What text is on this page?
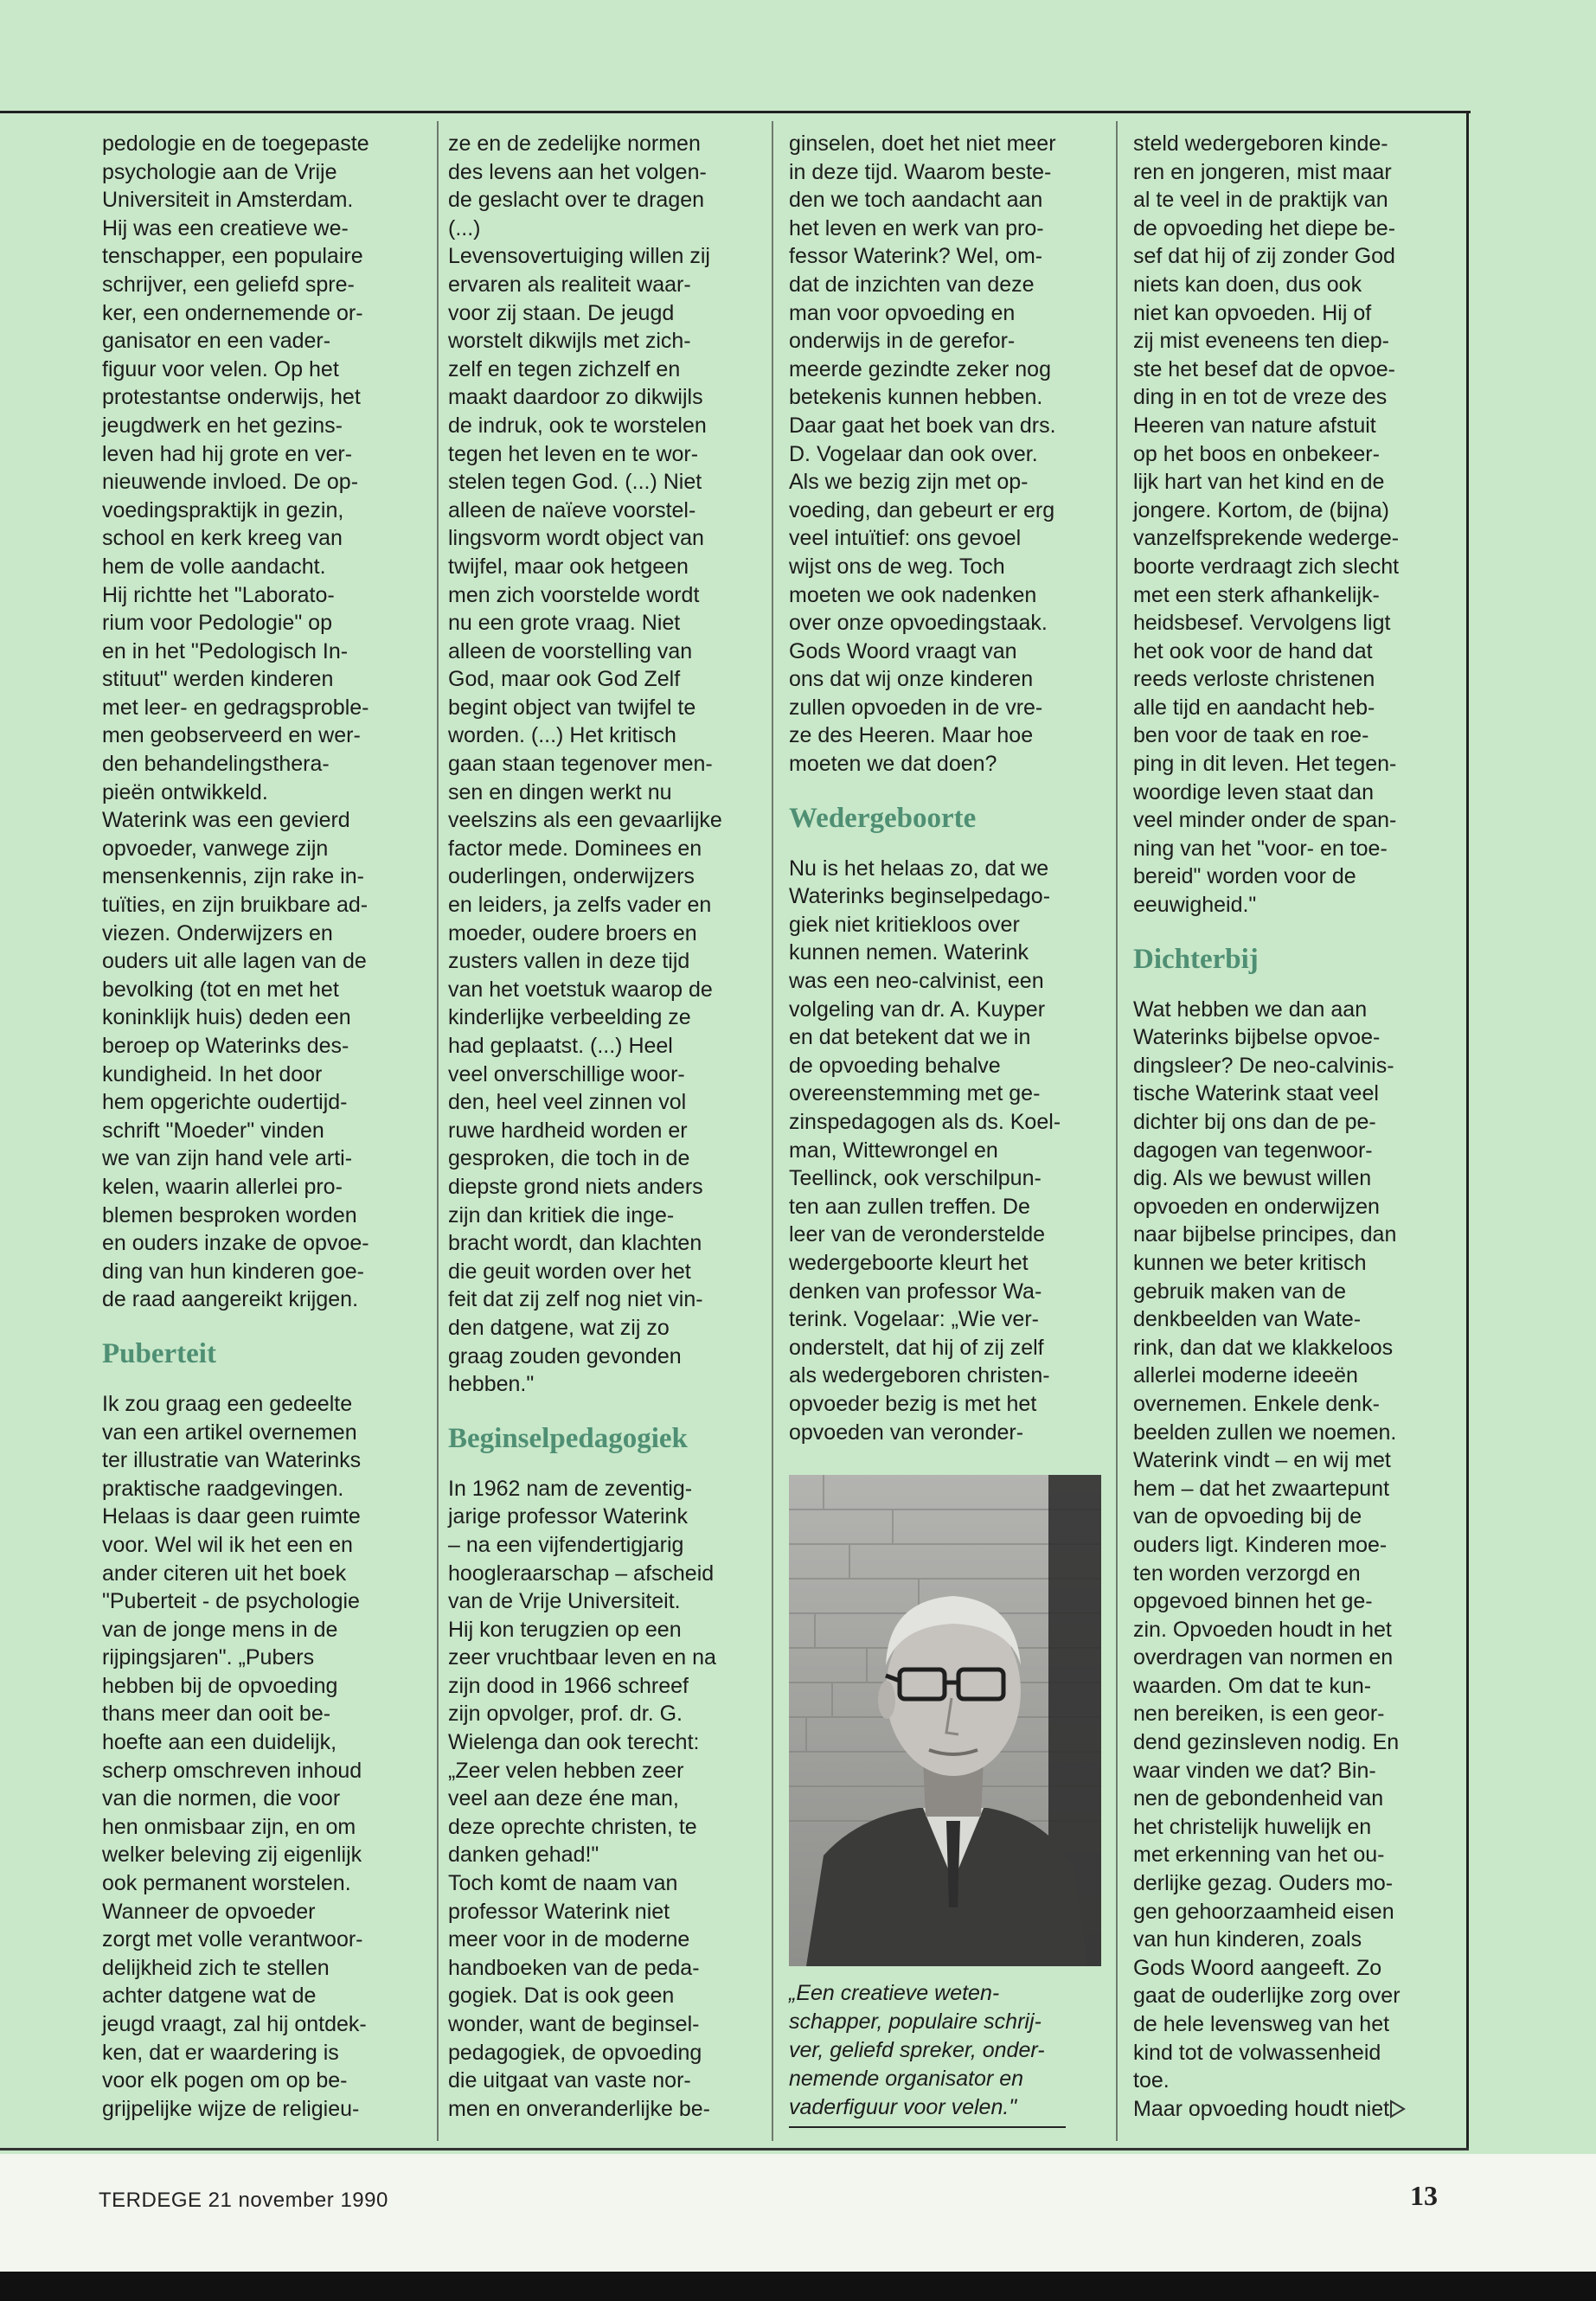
pedologie en de toegepaste
psychologie aan de Vrije
Universiteit in Amsterdam.
Hij was een creatieve we-
tenschapper, een populaire
schrijver, een geliefd spre-
ker, een ondernemende or-
ganisator en een vader-
figuur voor velen. Op het
protestantse onderwijs, het
jeugdwerk en het gezins-
leven had hij grote en ver-
nieuwende invloed. De op-
voedingspraktijk in gezin,
school en kerk kreeg van
hem de volle aandacht.
Hij richtte het "Laborato-
rium voor Pedologie" op
en in het "Pedologisch In-
stituut" werden kinderen
met leer- en gedragsproble-
men geobserveerd en wer-
den behandelingsthera-
pieën ontwikkeld.
Waterink was een gevierd
opvoeder, vanwege zijn
mensenkennis, zijn rake in-
tuïties, en zijn bruikbare ad-
viezen. Onderwijzers en
ouders uit alle lagen van de
bevolking (tot en met het
koninklijk huis) deden een
beroep op Waterinks des-
kundigheid. In het door
hem opgerichte oudertijd-
schrift "Moeder" vinden
we van zijn hand vele arti-
kelen, waarin allerlei pro-
blemen besproken worden
en ouders inzake de opvoe-
ding van hun kinderen goe-
de raad aangereikt krijgen.

Puberteit

Ik zou graag een gedeelte
van een artikel overnemen
ter illustratie van Waterinks
praktische raadgevingen.
Helaas is daar geen ruimte
voor. Wel wil ik het een en
ander citeren uit het boek
"Puberteit - de psychologie
van de jonge mens in de
rijpingsjaren". „Pubers
hebben bij de opvoeding
thans meer dan ooit be-
hoefte aan een duidelijk,
scherp omschreven inhoud
van die normen, die voor
hen onmisbaar zijn, en om
welker beleving zij eigenlijk
ook permanent worstelen.
Wanneer de opvoeder
zorgt met volle verantwoor-
delijkheid zich te stellen
achter datgene wat de
jeugd vraagt, zal hij ontdek-
ken, dat er waardering is
voor elk pogen om op be-
grijpelijke wijze de religieu-

ze en de zedelijke normen
des levens aan het volgen-
de geslacht over te dragen
(...)
Levensovertuiging willen zij
ervaren als realiteit waar-
voor zij staan. De jeugd
worstelt dikwijls met zich-
zelf en tegen zichzelf en
maakt daardoor zo dikwijls
de indruk, ook te worstelen
tegen het leven en te wor-
stelen tegen God. (...) Niet
alleen de naïeve voorstel-
lingsvorm wordt object van
twijfel, maar ook hetgeen
men zich voorstelde wordt
nu een grote vraag. Niet
alleen de voorstelling van
God, maar ook God Zelf
begint object van twijfel te
worden. (...) Het kritisch
gaan staan tegenover men-
sen en dingen werkt nu
veelszins als een gevaarlijke
factor mede. Dominees en
ouderlingen, onderwijzers
en leiders, ja zelfs vader en
moeder, oudere broers en
zusters vallen in deze tijd
van het voetstuk waarop de
kinderlijke verbeelding ze
had geplaatst. (...) Heel
veel onverschillige woor-
den, heel veel zinnen vol
ruwe hardheid worden er
gesproken, die toch in de
diepste grond niets anders
zijn dan kritiek die inge-
bracht wordt, dan klachten
die geuit worden over het
feit dat zij zelf nog niet vin-
den datgene, wat zij zo
graag zouden gevonden
hebben."

Beginselpedagogiek

In 1962 nam de zeventig-
jarige professor Waterink
– na een vijfendertigjarig
hoogleraarschap – afscheid
van de Vrije Universiteit.
Hij kon terugzien op een
zeer vruchtbaar leven en na
zijn dood in 1966 schreef
zijn opvolger, prof. dr. G.
Wielenga dan ook terecht:
„Zeer velen hebben zeer
veel aan deze éne man,
deze oprechte christen, te
danken gehad!"
Toch komt de naam van
professor Waterink niet
meer voor in de moderne
handboeken van de peda-
gogiek. Dat is ook geen
wonder, want de beginsel-
pedagogiek, de opvoeding
die uitgaat van vaste nor-
men en onveranderlijke be-

ginselen, doet het niet meer
in deze tijd. Waarom beste-
den we toch aandacht aan
het leven en werk van pro-
fessor Waterink? Wel, om-
dat de inzichten van deze
man voor opvoeding en
onderwijs in de gerefor-
meerde gezindte zeker nog
betekenis kunnen hebben.
Daar gaat het boek van drs.
D. Vogelaar dan ook over.
Als we bezig zijn met op-
voeding, dan gebeurt er erg
veel intuïtief: ons gevoel
wijst ons de weg. Toch
moeten we ook nadenken
over onze opvoedingstaak.
Gods Woord vraagt van
ons dat wij onze kinderen
zullen opvoeden in de vre-
ze des Heeren. Maar hoe
moeten we dat doen?

Wedergeboorte

Nu is het helaas zo, dat we
Waterinks beginselpedago-
giek niet kritiekloos over
kunnen nemen. Waterink
was een neo-calvinist, een
volgeling van dr. A. Kuyper
en dat betekent dat we in
de opvoeding behalve
overeenstemming met ge-
zinspedagogen als ds. Koel-
man, Wittewrongel en
Teellinck, ook verschilpun-
ten aan zullen treffen. De
leer van de veronderstelde
wedergeboorte kleurt het
denken van professor Wa-
terink. Vogelaar: „Wie ver-
onderstelt, dat hij of zij zelf
als wedergeboren christen-
opvoeder bezig is met het
opvoeden van veronder-

„Een creatieve weten-
schapper, populaire schrij-
ver, geliefd spreker, onder-
nemende organisator en
vaderfiguur voor velen."

steld wedergeboren kinde-
ren en jongeren, mist maar
al te veel in de praktijk van
de opvoeding het diepe be-
sef dat hij of zij zonder God
niets kan doen, dus ook
niet kan opvoeden. Hij of
zij mist eveneens ten diep-
ste het besef dat de opvoe-
ding in en tot de vreze des
Heeren van nature afstuit
op het boos en onbekeer-
lijk hart van het kind en de
jongere. Kortom, de (bijna)
vanzelfsprekende wederge-
boorte verdraagt zich slecht
met een sterk afhankelijk-
heidsbesef. Vervolgens ligt
het ook voor de hand dat
reeds verloste christenen
alle tijd en aandacht heb-
ben voor de taak en roe-
ping in dit leven. Het tegen-
woordige leven staat dan
veel minder onder de span-
ning van het "voor- en toe-
bereid" worden voor de
eeuwigheid."

Dichterbij

Wat hebben we dan aan
Waterinks bijbelse opvoe-
dingsleer? De neo-calvinis-
tische Waterink staat veel
dichter bij ons dan de pe-
dagogen van tegenwoor-
dig. Als we bewust willen
opvoeden en onderwijzen
naar bijbelse principes, dan
kunnen we beter kritisch
gebruik maken van de
denkbeelden van Wate-
rink, dan dat we klakkeloos
allerlei moderne ideeën
overnemen. Enkele denk-
beelden zullen we noemen.
Waterink vindt – en wij met
hem – dat het zwaartepunt
van de opvoeding bij de
ouders ligt. Kinderen moe-
ten worden verzorgd en
opgevoed binnen het ge-
zin. Opvoeden houdt in het
overdragen van normen en
waarden. Om dat te kun-
nen bereiken, is een geor-
dend gezinsleven nodig. En
waar vinden we dat? Bin-
nen de gebondenheid van
het christelijk huwelijk en
met erkenning van het ou-
derlijke gezag. Ouders mo-
gen gehoorzaamheid eisen
van hun kinderen, zoals
Gods Woord aangeeft. Zo
gaat de ouderlijke zorg over
de hele levensweg van het
kind tot de volwassenheid
toe.
Maar opvoeding houdt niet

TERDEGE 21 november 1990	13
